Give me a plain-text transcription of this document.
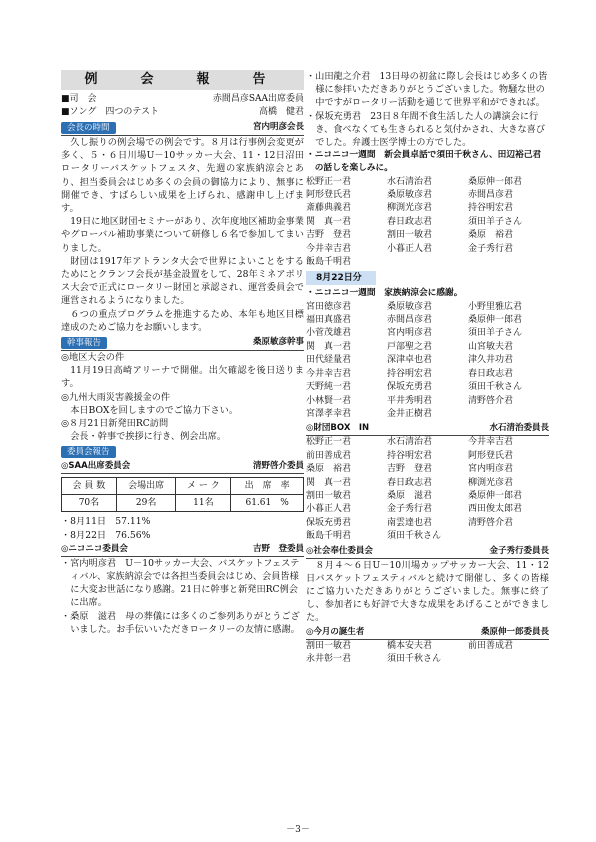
例　会　報　告
■司　会	赤間昌彦SAA出席委員
■ソング　四つのテスト	高橋　健君
会長の時間	宮内明彦会長

久し振りの例会場での例会です。８月は行事例会変更が多く、５・６日川場U－10サッカー大会、11・12日沼田ロータリーバスケットフェスタ、先週の家族納涼会とあり、担当委員会はじめ多くの会員の御協力により、無事に開催でき、すばらしい成果を上げられ、感謝申し上げます。

19日に地区財団セミナーがあり、次年度地区補助金事業やグローバル補助事業について研修し６名で参加してまいりました。

財団は1917年アトランタ大会で世界によいことをするためにとクランフ会長が基金設置をして、28年ミネアポリス大会で正式にロータリー財団と承認され、運営委員会で運営されるようになりました。

６つの重点プログラムを推進するため、本年も地区目標達成のためご協力をお願いします。

幹事報告	桑原敏彦幹事

◎地区大会の件

11月19日高崎アリーナで開催。出欠確認を後日送ります。

◎九州大雨災害義援金の件

本日BOXを回しますのでご協力下さい。

◎８月21日新発田RC訪問

会長・幹事で挨拶に行き、例会出席。

委員会報告
◎SAA出席委員会	清野啓介委員
会 員 数	会場出席	メ ー ク	出　席　率
70名	29名	11名	61.61　%

・8月11日　57.11%

・8月22日　76.56%

◎ニコニコ委員会	吉野　登委員

・宮内明彦君　U－10サッカー大会、バスケットフェスティバル、家族納涼会では各担当委員会はじめ、会員皆様に大変お世話になり感謝。21日に幹事と新発田RC例会に出席。

・桑原　滋君　母の葬儀には多くのご参列ありがとうございました。お手伝いいただきロータリーの友情に感謝。

・山田龍之介君　13日母の初盆に際し会長はじめ多くの皆様に参拝いただきありがとうございました。物騒な世の中ですがロータリー活動を通じて世界平和ができれば。

・保坂充勇君　23日８年間不食生活した人の講演会に行き、食べなくても生きられると気付かされ、大きな喜びでした。弁護士医学博士の方でした。

・ニコニコ一週間　新会員卓話で須田千秋さん、田辺裕己君の話しを楽しみに。

松野正一君	水石清治君	桑原伸一郎君
阿形登氏君	桑原敏彦君	赤間昌彦君
斎藤典義君	柳渕光彦君	持谷明宏君
関　真一君	春日政志君	須田羊子さん
吉野　登君	割田一敏君	桑原　裕君
今井幸吉君	小暮正人君	金子秀行君
飯島千明君
8月22日分

・ニコニコ一週間　家族納涼会に感謝。

宮田徳彦君	桑原敏彦君	小野里雅広君
福田真盛君	赤間昌彦君	桑原伸一郎君
小菅茂雄君	宮内明彦君	須田羊子さん
関　真一君	戸部聖之君	山宮敏夫君
田代経量君	深津卓也君	津久井功君
今井幸吉君	持谷明宏君	春日政志君
天野純一君	保坂充勇君	須田千秋さん
小林賢一君	平井秀明君	清野啓介君
宮澤孝幸君	金井正樹君
◎財団BOX　IN	水石清治委員長
松野正一君	水石清治君	今井幸吉君
前田善成君	持谷明宏君	阿形登氏君
桑原　裕君	吉野　登君	宮内明彦君
関　真一君	春日政志君	柳渕光彦君
割田一敏君	桑原　滋君	桑原伸一郎君
小暮正人君	金子秀行君	西田俊太郎君
保坂充勇君	南雲達也君	清野啓介君
飯島千明君	須田千秋さん
◎社会奉仕委員会	金子秀行委員長

８月４～６日U－10川場カップサッカー大会、11・12日バスケットフェスティバルと続けて開催し、多くの皆様にご協力いただきありがとうございました。無事に終了し、参加者にも好評で大きな成果をあげることができました。

◎今月の誕生者	桑原伸一郎委員長
割田一敏君	橋本安夫君	前田善成君
永井彰一君	須田千秋さん
－3－
